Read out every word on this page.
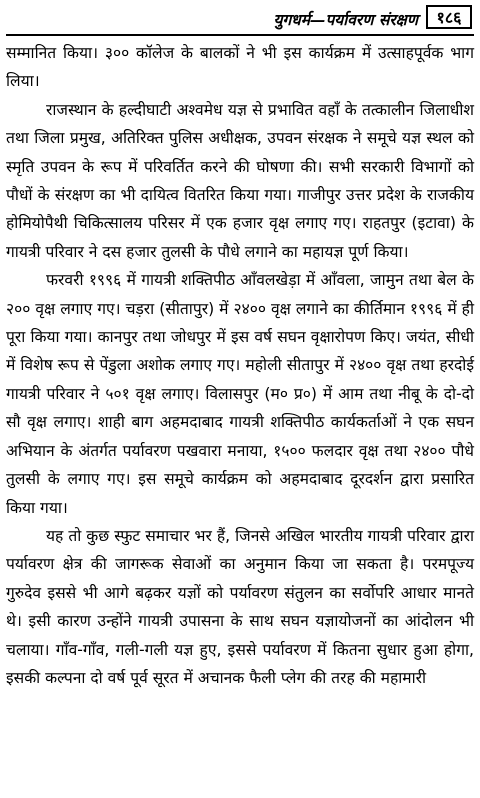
युगधर्म—पर्यावरण संरक्षण	१८६

सम्मानित किया। ३०० कॉलेज के बालकों ने भी इस कार्यक्रम में उत्साहपूर्वक भाग लिया।

राजस्थान के हल्दीघाटी अश्वमेध यज्ञ से प्रभावित वहाँ के तत्कालीन जिलाधीश तथा जिला प्रमुख, अतिरिक्त पुलिस अधीक्षक, उपवन संरक्षक ने समूचे यज्ञ स्थल को स्मृति उपवन के रूप में परिवर्तित करने की घोषणा की। सभी सरकारी विभागों को पौधों के संरक्षण का भी दायित्व वितरित किया गया। गाजीपुर उत्तर प्रदेश के राजकीय होमियोपैथी चिकित्सालय परिसर में एक हजार वृक्ष लगाए गए। राहतपुर (इटावा) के गायत्री परिवार ने दस हजार तुलसी के पौधे लगाने का महायज्ञ पूर्ण किया।

फरवरी १९९६ में गायत्री शक्तिपीठ आँवलखेड़ा में आँवला, जामुन तथा बेल के २०० वृक्ष लगाए गए। चड़रा (सीतापुर) में २४०० वृक्ष लगाने का कीर्तिमान १९९६ में ही पूरा किया गया। कानपुर तथा जोधपुर में इस वर्ष सघन वृक्षारोपण किए। जयंत, सीधी में विशेष रूप से पेंडुला अशोक लगाए गए। महोली सीतापुर में २४०० वृक्ष तथा हरदोई गायत्री परिवार ने ५०१ वृक्ष लगाए। विलासपुर (म० प्र०) में आम तथा नीबू के दो-दो सौ वृक्ष लगाए। शाही बाग अहमदाबाद गायत्री शक्तिपीठ कार्यकर्ताओं ने एक सघन अभियान के अंतर्गत पर्यावरण पखवारा मनाया, १५०० फलदार वृक्ष तथा २४०० पौधे तुलसी के लगाए गए। इस समूचे कार्यक्रम को अहमदाबाद दूरदर्शन द्वारा प्रसारित किया गया।

यह तो कुछ स्फुट समाचार भर हैं, जिनसे अखिल भारतीय गायत्री परिवार द्वारा पर्यावरण क्षेत्र की जागरूक सेवाओं का अनुमान किया जा सकता है। परमपूज्य गुरुदेव इससे भी आगे बढ़कर यज्ञों को पर्यावरण संतुलन का सर्वोपरि आधार मानते थे। इसी कारण उन्होंने गायत्री उपासना के साथ सघन यज्ञायोजनों का आंदोलन भी चलाया। गाँव-गाँव, गली-गली यज्ञ हुए, इससे पर्यावरण में कितना सुधार हुआ होगा, इसकी कल्पना दो वर्ष पूर्व सूरत में अचानक फैली प्लेग की तरह की महामारी
